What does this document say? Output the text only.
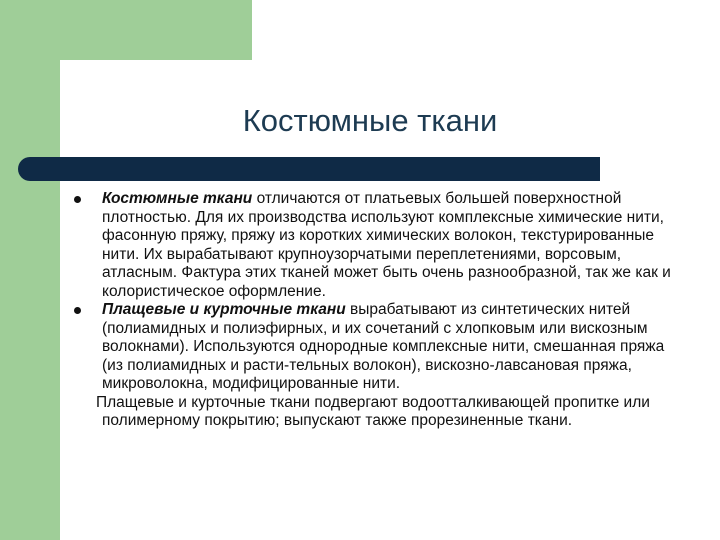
Костюмные ткани
Костюмные ткани отличаются от платьевых большей поверхностной плотностью. Для их производства используют комплексные химические нити, фасонную пряжу, пряжу из коротких химических волокон, текстурированные нити. Их вырабатывают крупноузорчатыми переплетениями, ворсовым, атласным. Фактура этих тканей может быть очень разнообразной, так же как и колористическое оформление.
Плащевые и курточные ткани вырабатывают из синтетических нитей (полиамидных и полиэфирных, и их сочетаний с хлопковым или вискозным волокнами). Используются однородные комплексные нити, смешанная пряжа (из полиамидных и расти-тельных волокон), вискозно-лавсановая пряжа, микроволокна, модифицированные нити.
Плащевые и курточные ткани подвергают водоотталкивающей пропитке или полимерному покрытию; выпускают также прорезиненные ткани.
